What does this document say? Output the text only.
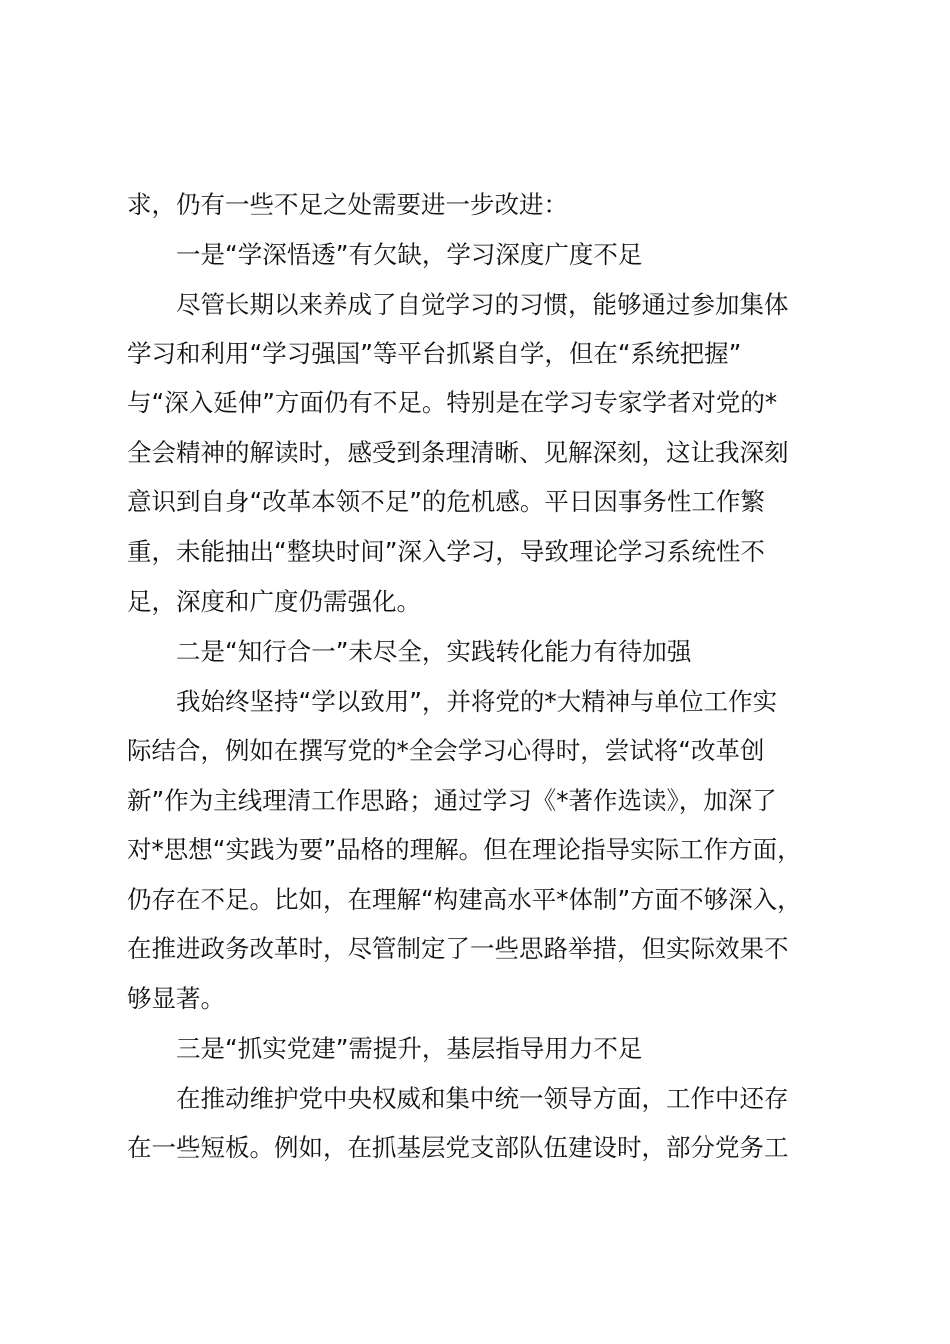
求，仍有一些不足之处需要进一步改进：
一是“学深悟透”有欠缺，学习深度广度不足
尽管长期以来养成了自觉学习的习惯，能够通过参加集体
学习和利用“学习强国”等平台抓紧自学，但在“系统把握”
与“深入延伸”方面仍有不足。特别是在学习专家学者对党的*
全会精神的解读时，感受到条理清晰、见解深刻，这让我深刻
意识到自身“改革本领不足”的危机感。平日因事务性工作繁
重，未能抽出“整块时间”深入学习，导致理论学习系统性不
足，深度和广度仍需强化。
二是“知行合一”未尽全，实践转化能力有待加强
我始终坚持“学以致用”，并将党的*大精神与单位工作实
际结合，例如在撰写党的*全会学习心得时，尝试将“改革创
新”作为主线理清工作思路；通过学习《*著作选读》，加深了
对*思想“实践为要”品格的理解。但在理论指导实际工作方面，
仍存在不足。比如，在理解“构建高水平*体制”方面不够深入，
在推进政务改革时，尽管制定了一些思路举措，但实际效果不
够显著。
三是“抓实党建”需提升，基层指导用力不足
在推动维护党中央权威和集中统一领导方面，工作中还存
在一些短板。例如，在抓基层党支部队伍建设时，部分党务工
